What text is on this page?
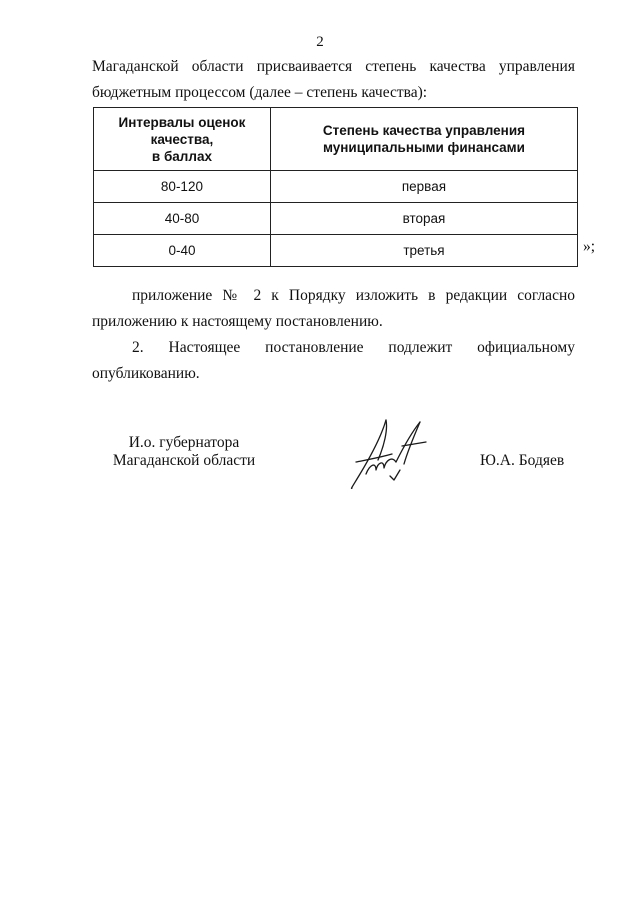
2

Магаданской области присваивается степень качества управления
бюджетным процессом (далее – степень качества):

Интервалы оценок
качества,
в баллах	Степень качества управления
муниципальными финансами

80-120	первая
40-80	вторая
0-40	третья	»;

приложение № 2 к Порядку изложить в редакции согласно
приложению к настоящему постановлению.

2. Настоящее постановление подлежит официальному
опубликованию.

И.о. губернатора
Магаданской области	Ю.А. Бодяев
